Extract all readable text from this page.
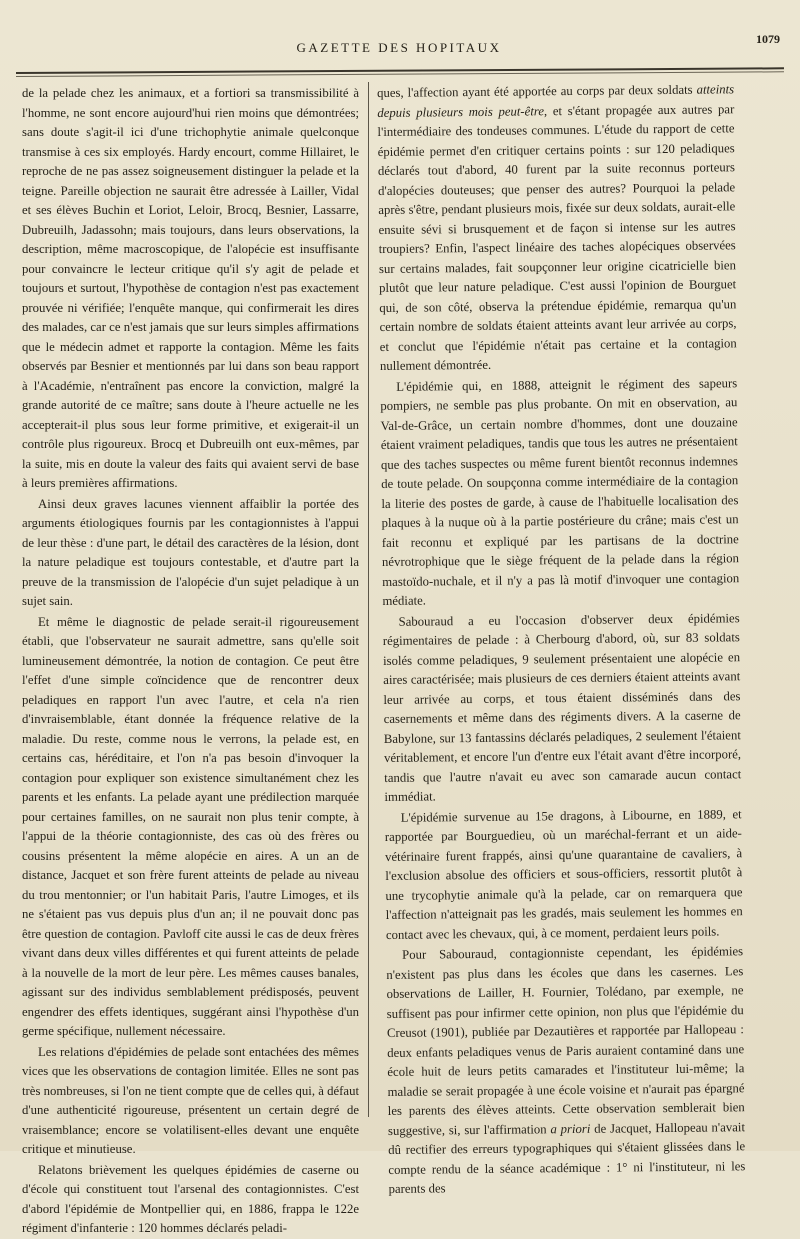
GAZETTE DES HOPITAUX
1079

de la pelade chez les animaux, et a fortiori sa transmissibilité à l'homme, ne sont encore aujourd'hui rien moins que démontrées; sans doute s'agit-il ici d'une trichophytie animale quelconque transmise à ces six employés. Hardy encourt, comme Hillairet, le reproche de ne pas assez soigneusement distinguer la pelade et la teigne. Pareille objection ne saurait être adressée à Lailler, Vidal et ses élèves Buchin et Loriot, Leloir, Brocq, Besnier, Lassarre, Dubreuilh, Jadassohn; mais toujours, dans leurs observations, la description, même macroscopique, de l'alopécie est insuffisante pour convaincre le lecteur critique qu'il s'y agit de pelade et toujours et surtout, l'hypothèse de contagion n'est pas exactement prouvée ni vérifiée; l'enquête manque, qui confirmerait les dires des malades, car ce n'est jamais que sur leurs simples affirmations que le médecin admet et rapporte la contagion. Même les faits observés par Besnier et mentionnés par lui dans son beau rapport à l'Académie, n'entraînent pas encore la conviction, malgré la grande autorité de ce maître; sans doute à l'heure actuelle ne les accepterait-il plus sous leur forme primitive, et exigerait-il un contrôle plus rigoureux. Brocq et Dubreuilh ont eux-mêmes, par la suite, mis en doute la valeur des faits qui avaient servi de base à leurs premières affirmations.

Ainsi deux graves lacunes viennent affaiblir la portée des arguments étiologiques fournis par les contagionnistes à l'appui de leur thèse : d'une part, le détail des caractères de la lésion, dont la nature peladique est toujours contestable, et d'autre part la preuve de la transmission de l'alopécie d'un sujet peladique à un sujet sain.

Et même le diagnostic de pelade serait-il rigoureusement établi, que l'observateur ne saurait admettre, sans qu'elle soit lumineusement démontrée, la notion de contagion. Ce peut être l'effet d'une simple coïncidence que de rencontrer deux peladiques en rapport l'un avec l'autre, et cela n'a rien d'invraisemblable, étant donnée la fréquence relative de la maladie. Du reste, comme nous le verrons, la pelade est, en certains cas, héréditaire, et l'on n'a pas besoin d'invoquer la contagion pour expliquer son existence simultanément chez les parents et les enfants. La pelade ayant une prédilection marquée pour certaines familles, on ne saurait non plus tenir compte, à l'appui de la théorie contagionniste, des cas où des frères ou cousins présentent la même alopécie en aires. A un an de distance, Jacquet et son frère furent atteints de pelade au niveau du trou mentonnier; or l'un habitait Paris, l'autre Limoges, et ils ne s'étaient pas vus depuis plus d'un an; il ne pouvait donc pas être question de contagion. Pavloff cite aussi le cas de deux frères vivant dans deux villes différentes et qui furent atteints de pelade à la nouvelle de la mort de leur père. Les mêmes causes banales, agissant sur des individus semblablement prédisposés, peuvent engendrer des effets identiques, suggérant ainsi l'hypothèse d'un germe spécifique, nullement nécessaire.

Les relations d'épidémies de pelade sont entachées des mêmes vices que les observations de contagion limitée. Elles ne sont pas très nombreuses, si l'on ne tient compte que de celles qui, à défaut d'une authenticité rigoureuse, présentent un certain degré de vraisemblance; encore se volatilisent-elles devant une enquête critique et minutieuse.

Relatons brièvement les quelques épidémies de caserne ou d'école qui constituent tout l'arsenal des contagionnistes. C'est d'abord l'épidémie de Montpellier qui, en 1886, frappa le 122e régiment d'infanterie : 120 hommes déclarés peladi-

ques, l'affection ayant été apportée au corps par deux soldats atteints depuis plusieurs mois peut-être, et s'étant propagée aux autres par l'intermédiaire des tondeuses communes. L'étude du rapport de cette épidémie permet d'en critiquer certains points : sur 120 peladiques déclarés tout d'abord, 40 furent par la suite reconnus porteurs d'alopécies douteuses; que penser des autres? Pourquoi la pelade après s'être, pendant plusieurs mois, fixée sur deux soldats, aurait-elle ensuite sévi si brusquement et de façon si intense sur les autres troupiers? Enfin, l'aspect linéaire des taches alopéciques observées sur certains malades, fait soupçonner leur origine cicatricielle bien plutôt que leur nature peladique. C'est aussi l'opinion de Bourguet qui, de son côté, observa la prétendue épidémie, remarqua qu'un certain nombre de soldats étaient atteints avant leur arrivée au corps, et conclut que l'épidémie n'était pas certaine et la contagion nullement démontrée.

L'épidémie qui, en 1888, atteignit le régiment des sapeurs pompiers, ne semble pas plus probante. On mit en observation, au Val-de-Grâce, un certain nombre d'hommes, dont une douzaine étaient vraiment peladiques, tandis que tous les autres ne présentaient que des taches suspectes ou même furent bientôt reconnus indemnes de toute pelade. On soupçonna comme intermédiaire de la contagion la literie des postes de garde, à cause de l'habituelle localisation des plaques à la nuque où à la partie postérieure du crâne; mais c'est un fait reconnu et expliqué par les partisans de la doctrine névrotrophique que le siège fréquent de la pelade dans la région mastoïdo-nuchale, et il n'y a pas là motif d'invoquer une contagion médiate.

Sabouraud a eu l'occasion d'observer deux épidémies régimentaires de pelade : à Cherbourg d'abord, où, sur 83 soldats isolés comme peladiques, 9 seulement présentaient une alopécie en aires caractérisée; mais plusieurs de ces derniers étaient atteints avant leur arrivée au corps, et tous étaient disséminés dans des casernements et même dans des régiments divers. A la caserne de Babylone, sur 13 fantassins déclarés peladiques, 2 seulement l'étaient véritablement, et encore l'un d'entre eux l'était avant d'être incorporé, tandis que l'autre n'avait eu avec son camarade aucun contact immédiat.

L'épidémie survenue au 15e dragons, à Libourne, en 1889, et rapportée par Bourguedieu, où un maréchal-ferrant et un aide-vétérinaire furent frappés, ainsi qu'une quarantaine de cavaliers, à l'exclusion absolue des officiers et sous-officiers, ressortit plutôt à une trycophytie animale qu'à la pelade, car on remarquera que l'affection n'atteignait pas les gradés, mais seulement les hommes en contact avec les chevaux, qui, à ce moment, perdaient leurs poils.

Pour Sabouraud, contagionniste cependant, les épidémies n'existent pas plus dans les écoles que dans les casernes. Les observations de Lailler, H. Fournier, Tolédano, par exemple, ne suffisent pas pour infirmer cette opinion, non plus que l'épidémie du Creusot (1901), publiée par Dezautières et rapportée par Hallopeau : deux enfants peladiques venus de Paris auraient contaminé dans une école huit de leurs petits camarades et l'instituteur lui-même; la maladie se serait propagée à une école voisine et n'aurait pas épargné les parents des élèves atteints. Cette observation semblerait bien suggestive, si, sur l'affirmation a priori de Jacquet, Hallopeau n'avait dû rectifier des erreurs typographiques qui s'étaient glissées dans le compte rendu de la séance académique : 1° ni l'instituteur, ni les parents des
